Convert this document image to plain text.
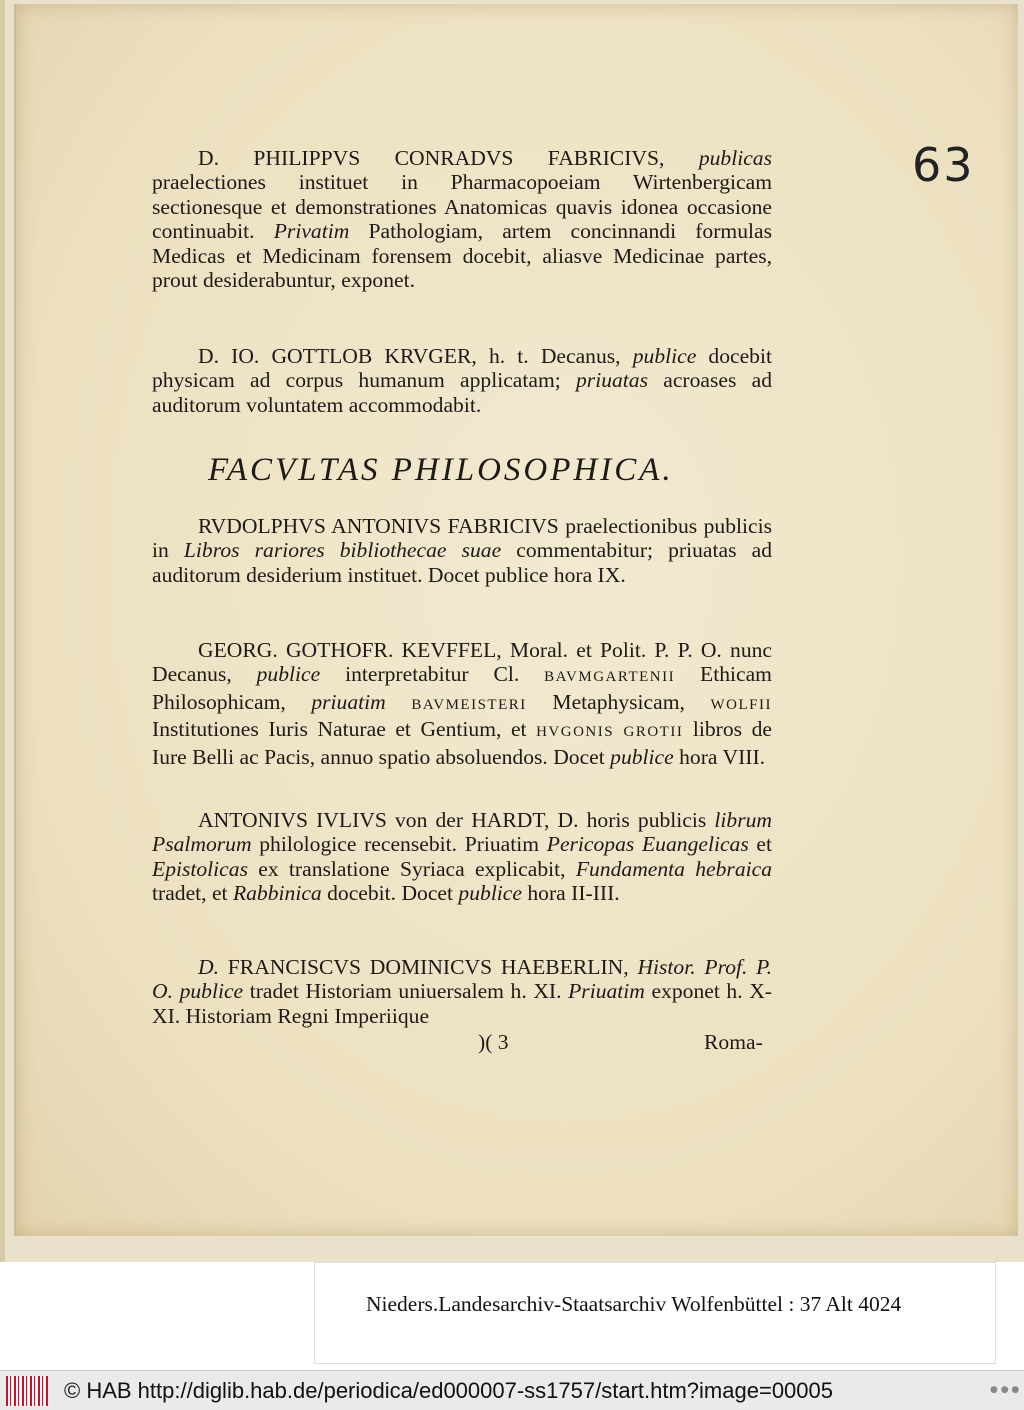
63
D. PHILIPPVS CONRADVS FABRICIVS, publicas praelectiones instituet in Pharmacopoeiam Wirtenbergicam sectionesque et demonstrationes Anatomicas quavis idonea occasione continuabit. Privatim Pathologiam, artem concinnandi formulas Medicas et Medicinam forensem docebit, aliasve Medicinae partes, prout desiderabuntur, exponet.
D. IO. GOTTLOB KRVGER, h. t. Decanus, publice docebit physicam ad corpus humanum applicatam; priuatas acroases ad auditorum voluntatem accommodabit.
FACVLTAS PHILOSOPHICA.
RVDOLPHVS ANTONIVS FABRICIVS praelectionibus publicis in Libros rariores bibliothecae suae commentabitur; priuatas ad auditorum desiderium instituet. Docet publice hora IX.
GEORG. GOTHOFR. KEVFFEL, Moral. et Polit. P. P. O. nunc Decanus, publice interpretabitur Cl. BAVMGARTENII Ethicam Philosophicam, priuatim BAVMEISTERI Metaphysicam, WOLFII Institutiones Iuris Naturae et Gentium, et HVGONIS GROTII libros de Iure Belli ac Pacis, annuo spatio absoluendos. Docet publice hora VIII.
ANTONIVS IVLIVS von der HARDT, D. horis publicis librum Psalmorum philologice recensebit. Priuatim Pericopas Euangelicas et Epistolicas ex translatione Syriaca explicabit, Fundamenta hebraica tradet, et Rabbinica docebit. Docet publice hora II-III.
D. FRANCISCVS DOMINICVS HAEBERLIN, Histor. Prof. P. O. publice tradet Historiam uniuersalem h. XI. Priuatim exponet h. X-XI. Historiam Regni Imperiique
)( 3	Roma-
Nieders.Landesarchiv-Staatsarchiv Wolfenbüttel : 37 Alt 4024
© HAB http://diglib.hab.de/periodica/ed000007-ss1757/start.htm?image=00005	● ● ●
